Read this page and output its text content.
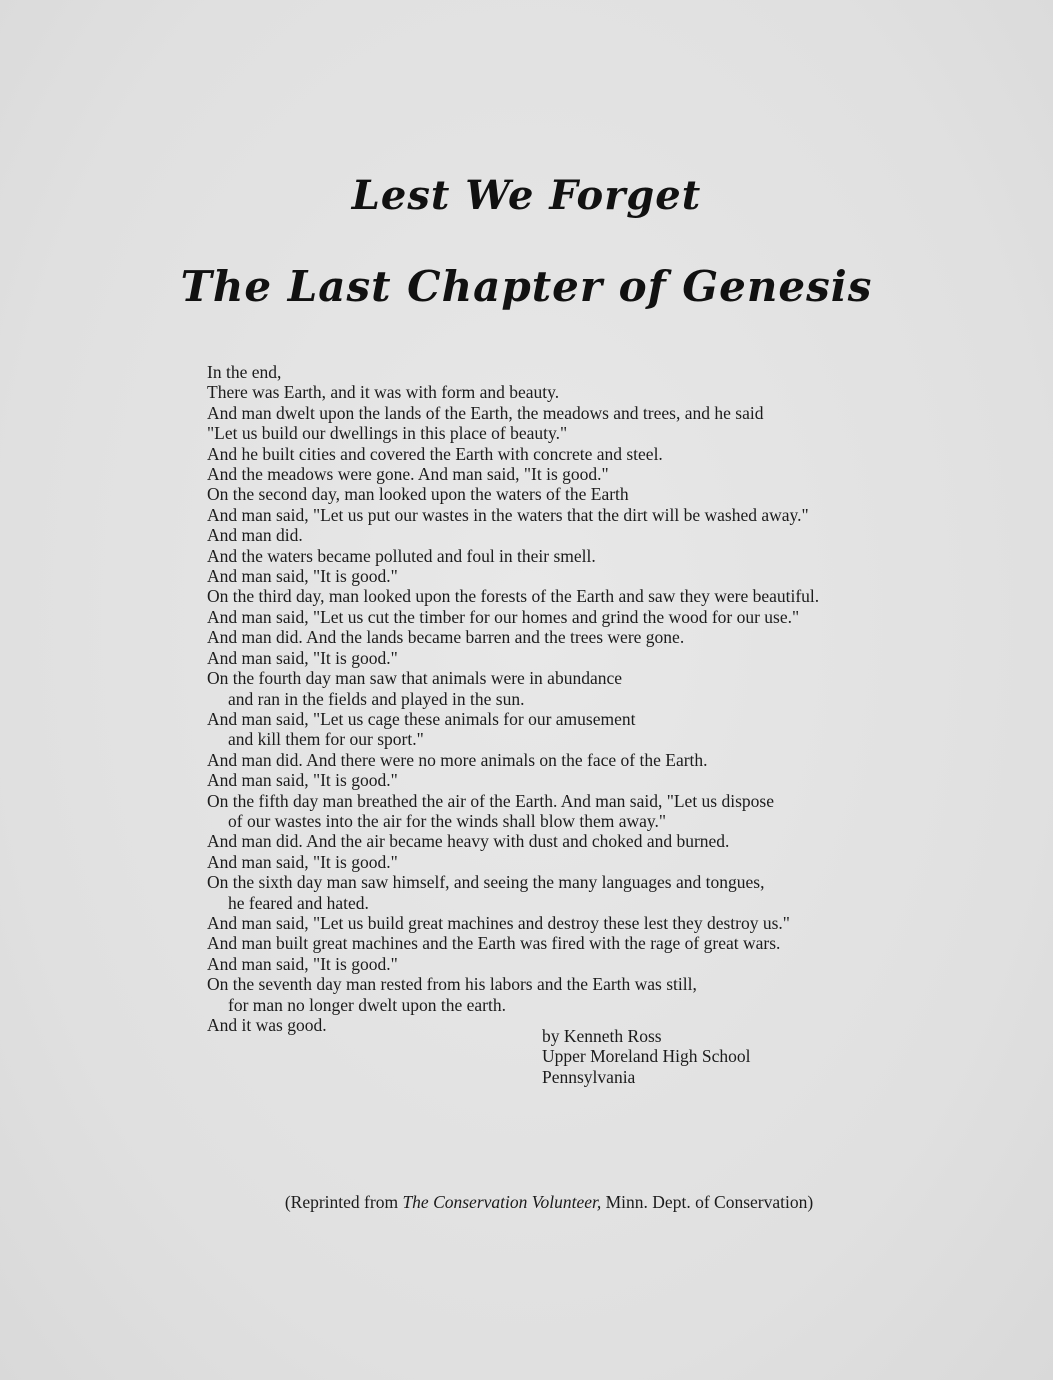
Lest We Forget
The Last Chapter of Genesis
In the end,
There was Earth, and it was with form and beauty.
And man dwelt upon the lands of the Earth, the meadows and trees, and he said
"Let us build our dwellings in this place of beauty."
And he built cities and covered the Earth with concrete and steel.
And the meadows were gone. And man said, "It is good."
On the second day, man looked upon the waters of the Earth
And man said, "Let us put our wastes in the waters that the dirt will be washed away."
And man did.
And the waters became polluted and foul in their smell.
And man said, "It is good."
On the third day, man looked upon the forests of the Earth and saw they were beautiful.
And man said, "Let us cut the timber for our homes and grind the wood for our use."
And man did. And the lands became barren and the trees were gone.
And man said, "It is good."
On the fourth day man saw that animals were in abundance
and ran in the fields and played in the sun.
And man said, "Let us cage these animals for our amusement
and kill them for our sport."
And man did. And there were no more animals on the face of the Earth.
And man said, "It is good."
On the fifth day man breathed the air of the Earth. And man said, "Let us dispose
of our wastes into the air for the winds shall blow them away."
And man did. And the air became heavy with dust and choked and burned.
And man said, "It is good."
On the sixth day man saw himself, and seeing the many languages and tongues,
he feared and hated.
And man said, "Let us build great machines and destroy these lest they destroy us."
And man built great machines and the Earth was fired with the rage of great wars.
And man said, "It is good."
On the seventh day man rested from his labors and the Earth was still,
for man no longer dwelt upon the earth.
And it was good.
by Kenneth Ross
Upper Moreland High School
Pennsylvania
(Reprinted from The Conservation Volunteer, Minn. Dept. of Conservation)
